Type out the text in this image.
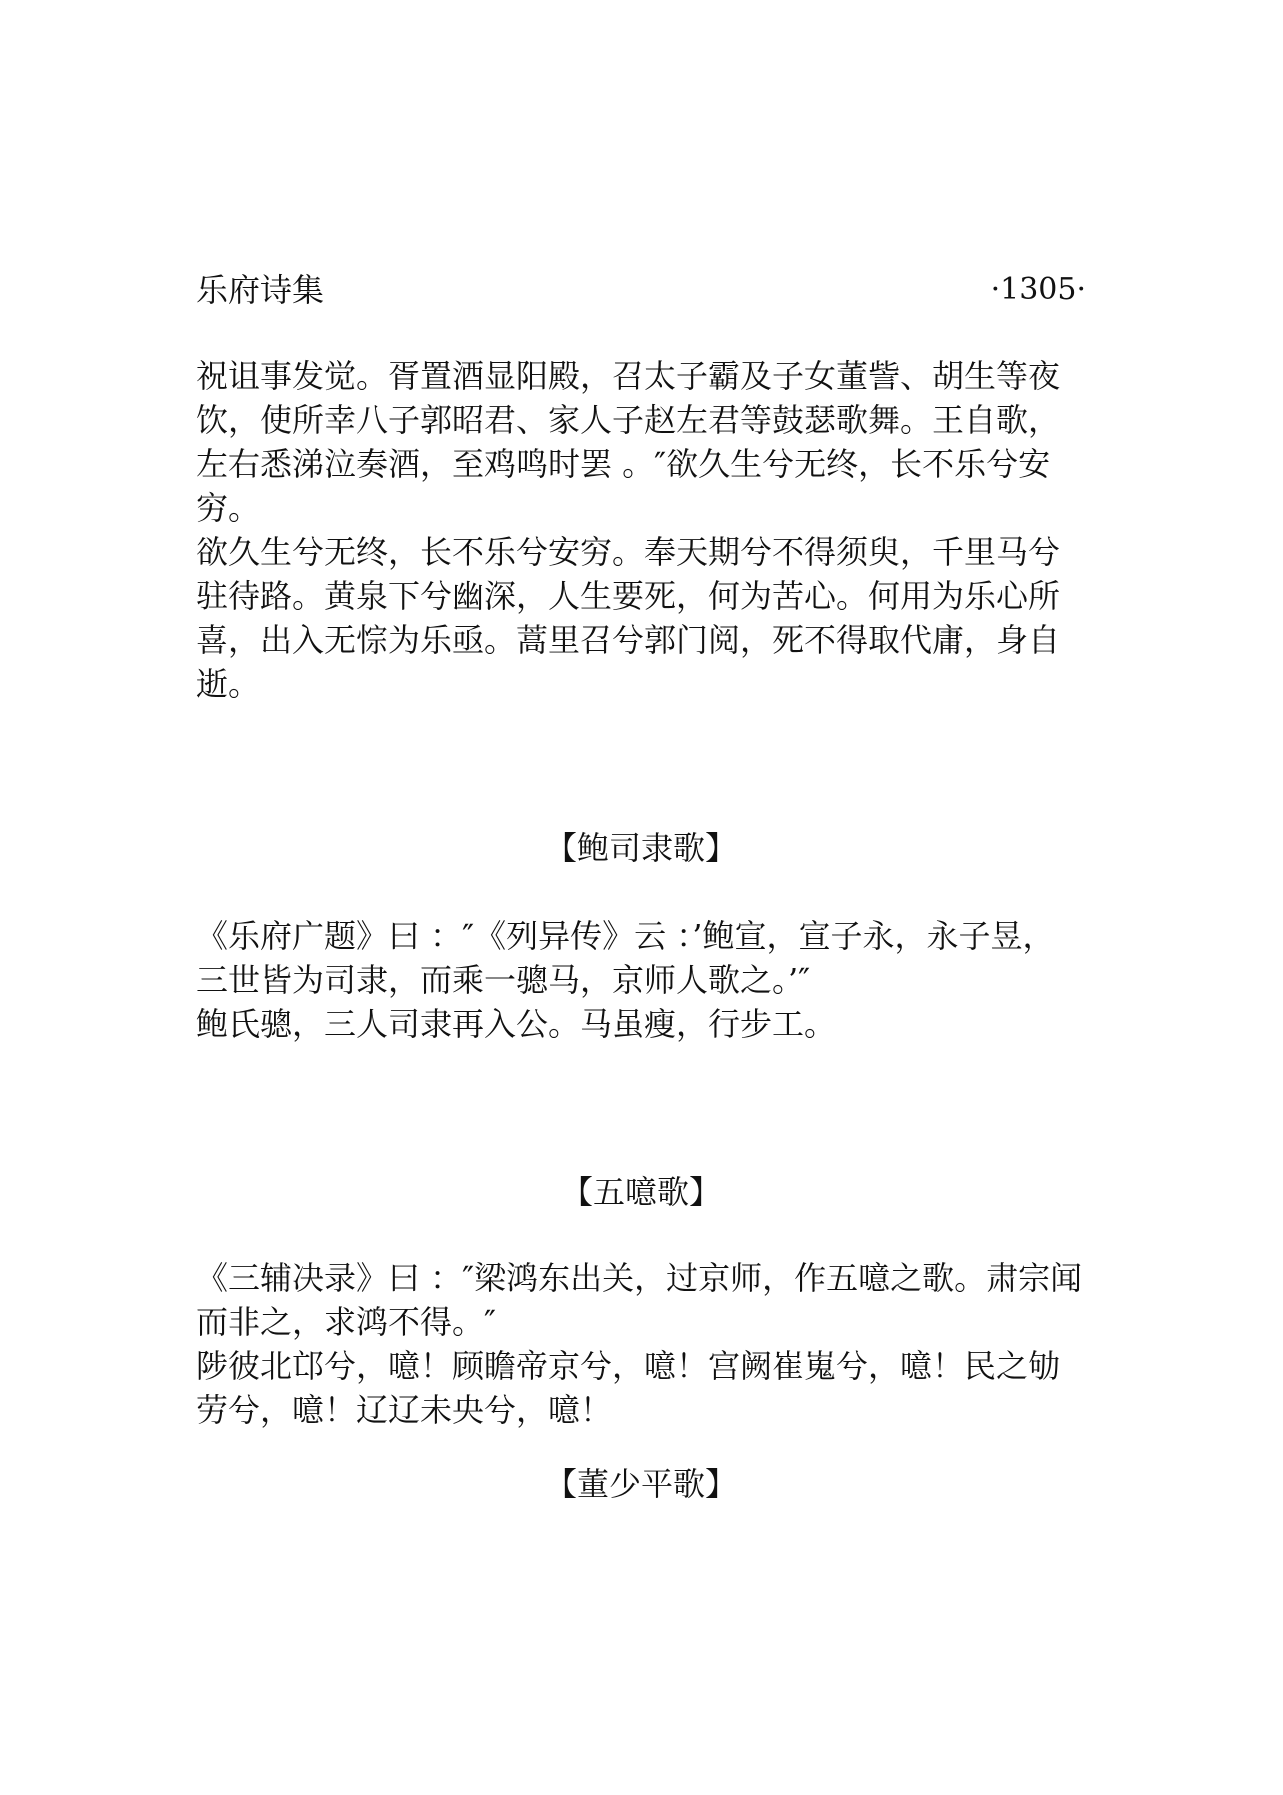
乐府诗集	·1305·

祝诅事发觉。胥置酒显阳殿，召太子霸及子女董訾、胡生等夜饮，使所幸八子郭昭君、家人子赵左君等鼓瑟歌舞。王自歌，左右悉涕泣奏酒，至鸡鸣时罢 。″欲久生兮无终，长不乐兮安穷。

欲久生兮无终，长不乐兮安穷。奉天期兮不得须臾，千里马兮驻待路。黄泉下兮幽深，人生要死，何为苦心。何用为乐心所喜，出入无悰为乐亟。蒿里召兮郭门阅，死不得取代庸，身自逝。

【鲍司隶歌】

《乐府广题》曰 ：″《列异传》云 ：’鲍宣，宣子永，永子昱，三世皆为司隶，而乘一骢马，京师人歌之。’″

鲍氏骢，三人司隶再入公。马虽瘦，行步工。

【五噫歌】

《三辅决录》曰 ：″梁鸿东出关，过京师，作五噫之歌。肃宗闻而非之，求鸿不得。″

陟彼北邙兮，噫！顾瞻帝京兮，噫！宫阙崔嵬兮，噫！民之劬劳兮，噫！辽辽未央兮，噫！

【董少平歌】
